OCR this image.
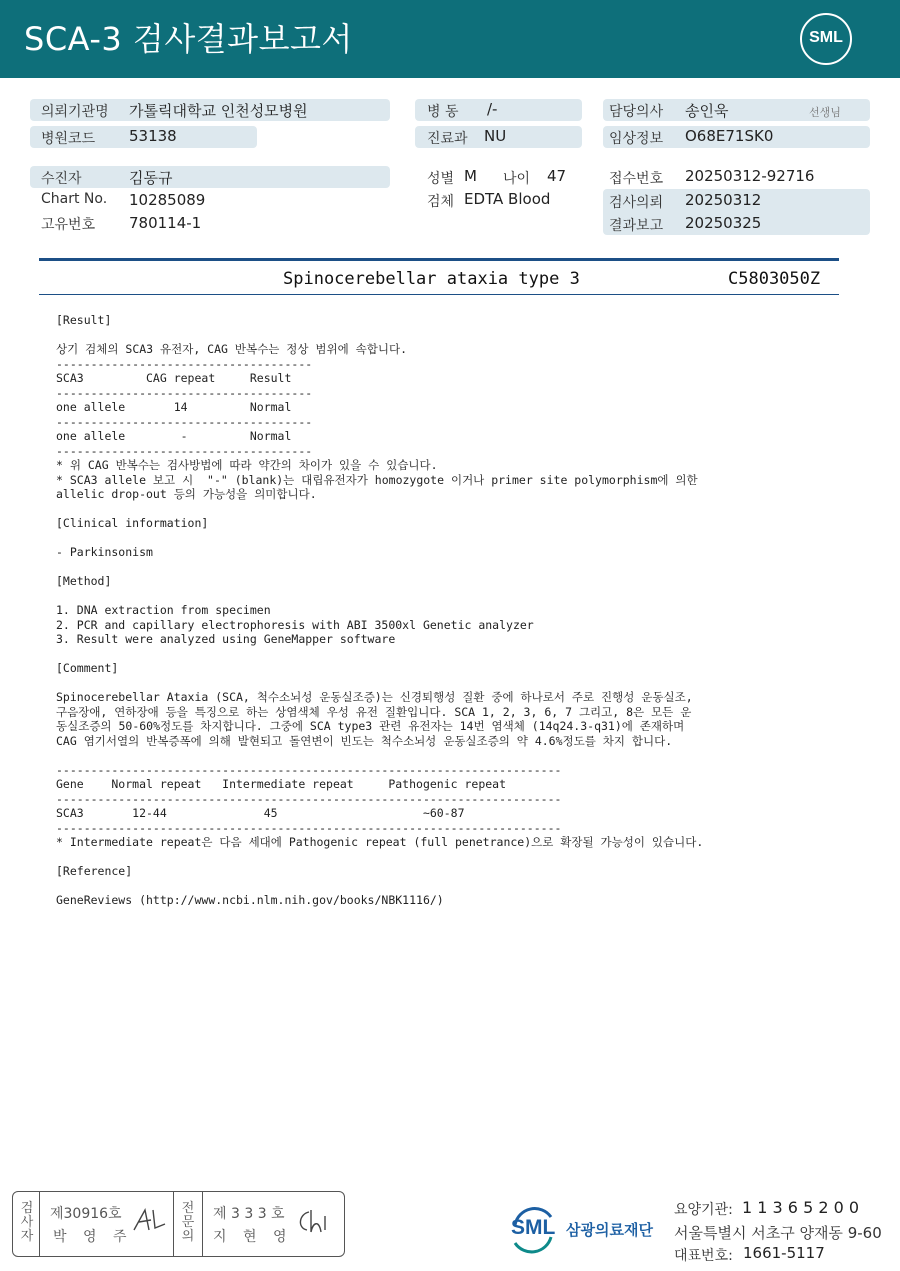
SCA-3 검사결과보고서	SML
의뢰기관명 가톨릭대학교 인천성모병원	병 동 /-	담당의사 송인욱	선생님
병원코드 53138	진료과 NU	임상정보 O68E71SK0
수진자	김동규	성별 M 나이 47	접수번호 20250312-92716
Chart No. 10285089	검체 EDTA Blood	검사의뢰 20250312
고유번호 780114-1	결과보고 20250325
Spinocerebellar ataxia type 3	C5803050Z
[Result]
상기 검체의 SCA3 유전자, CAG 반복수는 정상 범위에 속합니다.
-------------------------------------
SCA3         CAG repeat     Result
-------------------------------------
one allele       14         Normal
-------------------------------------
one allele        -         Normal
-------------------------------------
* 위 CAG 반복수는 검사방법에 따라 약간의 차이가 있을 수 있습니다.
* SCA3 allele 보고 시  "-" (blank)는 대립유전자가 homozygote 이거나 primer site polymorphism에 의한
allelic drop-out 등의 가능성을 의미합니다.
[Clinical information]
- Parkinsonism
[Method]
1. DNA extraction from specimen
2. PCR and capillary electrophoresis with ABI 3500xl Genetic analyzer
3. Result were analyzed using GeneMapper software
[Comment]
Spinocerebellar Ataxia (SCA, 척수소뇌성 운동실조증)는 신경퇴행성 질환 중에 하나로서 주로 진행성 운동실조,
구음장애, 연하장애 등을 특징으로 하는 상염색체 우성 유전 질환입니다. SCA 1, 2, 3, 6, 7 그리고, 8은 모든 운
동실조증의 50-60%정도를 차지합니다. 그중에 SCA type3 관련 유전자는 14번 염색체 (14q24.3-q31)에 존재하며
CAG 염기서열의 반복증폭에 의해 발현되고 돌연변이 빈도는 척수소뇌성 운동실조증의 약 4.6%정도를 차지 합니다.
-------------------------------------------------------------------------
Gene    Normal repeat   Intermediate repeat     Pathogenic repeat
-------------------------------------------------------------------------
SCA3       12-44              45                     ~60-87
-------------------------------------------------------------------------
* Intermediate repeat은 다음 세대에 Pathogenic repeat (full penetrance)으로 확장될 가능성이 있습니다.
[Reference]
GeneReviews (http://www.ncbi.nlm.nih.gov/books/NBK1116/)
검
사
자
제30916호
박 영 주
전
문
의
제 3 3 3 호
지 현 영	SML 삼광의료재단
요양기관: 1 1 3 6 5 2 0 0
서울특별시 서초구 양재동 9-60
대표번호: 1661-5117
